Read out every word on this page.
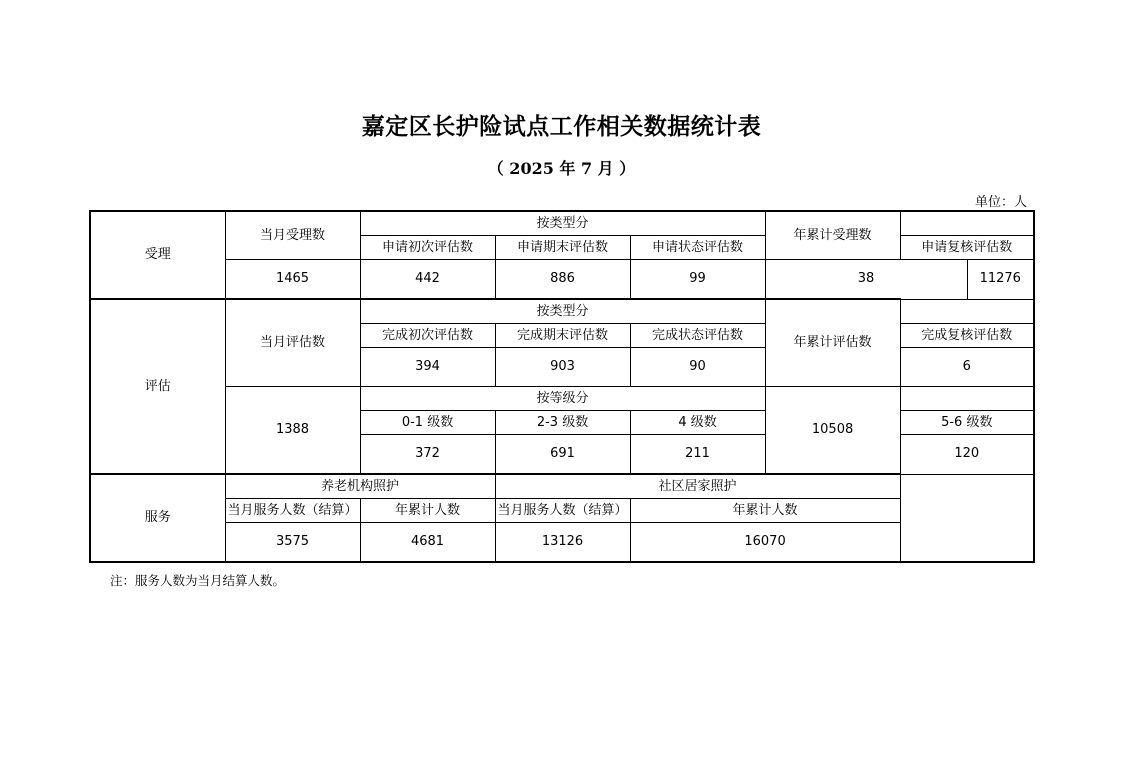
嘉定区长护险试点工作相关数据统计表
（ 2025 年 7 月 ）
单位：人
受理	当月受理数	按类型分			年累计受理数		
		申请初次评估数	申请期末评估数	申请状态评估数		申请复核评估数	
	1465	442	886	99	38		11276
评估	当月评估数	按类型分			年累计评估数		
		完成初次评估数	完成期末评估数	完成状态评估数		完成复核评估数	
		394	903	90		6	
	1388	按等级分			10508		
		0-1 级数	2-3 级数	4 级数		5-6 级数	
		372	691	211		120	
服务	养老机构照护		社区居家照护				
	当月服务人数（结算）	年累计人数	当月服务人数（结算）	年累计人数			
	3575	4681	13126	16070			
注：服务人数为当月结算人数。
